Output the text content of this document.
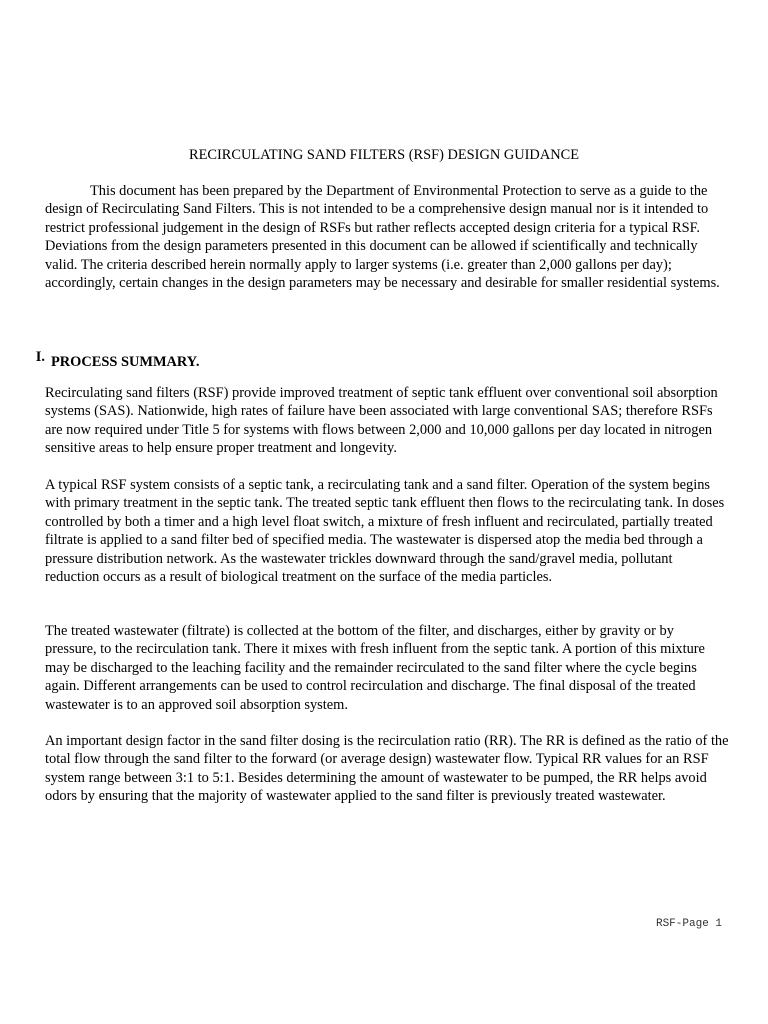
RECIRCULATING SAND FILTERS (RSF) DESIGN GUIDANCE

This document has been prepared by the Department of Environmental Protection to serve as a guide to the design of Recirculating Sand Filters. This is not intended to be a comprehensive design manual nor is it intended to restrict professional judgement in the design of RSFs but rather reflects accepted design criteria for a typical RSF. Deviations from the design parameters presented in this document can be allowed if scientifically and technically valid. The criteria described herein normally apply to larger systems (i.e. greater than 2,000 gallons per day); accordingly, certain changes in the design parameters may be necessary and desirable for smaller residential systems.

I. PROCESS SUMMARY.

Recirculating sand filters (RSF) provide improved treatment of septic tank effluent over conventional soil absorption systems (SAS). Nationwide, high rates of failure have been associated with large conventional SAS; therefore RSFs are now required under Title 5 for systems with flows between 2,000 and 10,000 gallons per day located in nitrogen sensitive areas to help ensure proper treatment and longevity.

A typical RSF system consists of a septic tank, a recirculating tank and a sand filter. Operation of the system begins with primary treatment in the septic tank. The treated septic tank effluent then flows to the recirculating tank. In doses controlled by both a timer and a high level float switch, a mixture of fresh influent and recirculated, partially treated filtrate is applied to a sand filter bed of specified media. The wastewater is dispersed atop the media bed through a pressure distribution network. As the wastewater trickles downward through the sand/gravel media, pollutant reduction occurs as a result of biological treatment on the surface of the media particles.

The treated wastewater (filtrate) is collected at the bottom of the filter, and discharges, either by gravity or by pressure, to the recirculation tank. There it mixes with fresh influent from the septic tank. A portion of this mixture may be discharged to the leaching facility and the remainder recirculated to the sand filter where the cycle begins again. Different arrangements can be used to control recirculation and discharge. The final disposal of the treated wastewater is to an approved soil absorption system.

An important design factor in the sand filter dosing is the recirculation ratio (RR). The RR is defined as the ratio of the total flow through the sand filter to the forward (or average design) wastewater flow. Typical RR values for an RSF system range between 3:1 to 5:1. Besides determining the amount of wastewater to be pumped, the RR helps avoid odors by ensuring that the majority of wastewater applied to the sand filter is previously treated wastewater.

RSF-Page 1
